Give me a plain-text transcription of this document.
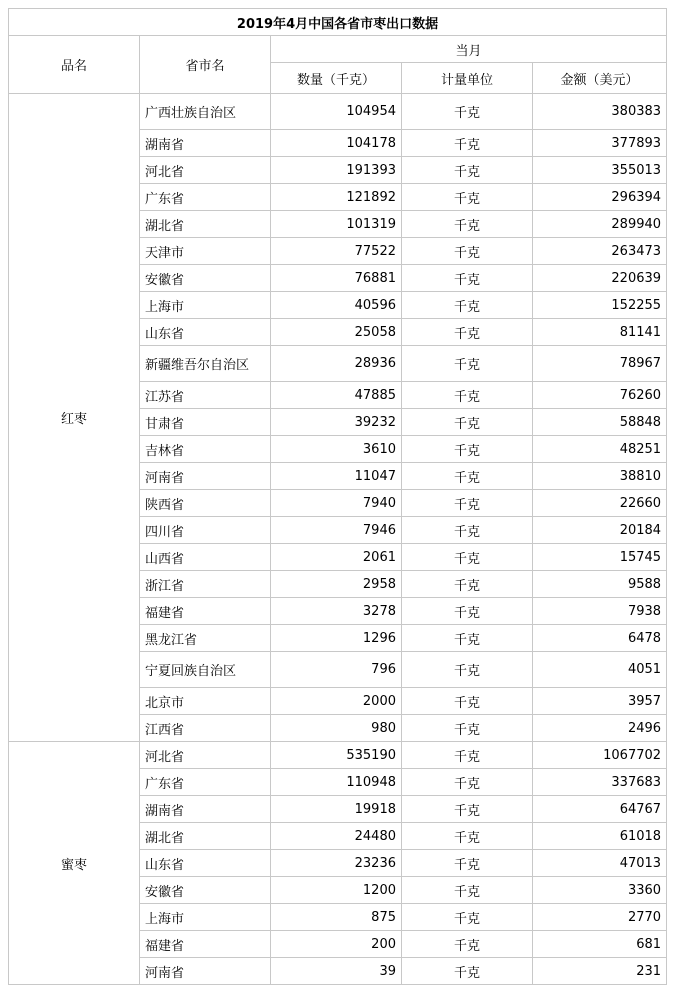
2019年4月中国各省市枣出口数据				
品名	省市名	当月		
		数量（千克）	计量单位	金额（美元）
红枣	广西壮族自治区	104954	千克	380383
	湖南省	104178	千克	377893
	河北省	191393	千克	355013
	广东省	121892	千克	296394
	湖北省	101319	千克	289940
	天津市	77522	千克	263473
	安徽省	76881	千克	220639
	上海市	40596	千克	152255
	山东省	25058	千克	81141
	新疆维吾尔自治区	28936	千克	78967
	江苏省	47885	千克	76260
	甘肃省	39232	千克	58848
	吉林省	3610	千克	48251
	河南省	11047	千克	38810
	陕西省	7940	千克	22660
	四川省	7946	千克	20184
	山西省	2061	千克	15745
	浙江省	2958	千克	9588
	福建省	3278	千克	7938
	黑龙江省	1296	千克	6478
	宁夏回族自治区	796	千克	4051
	北京市	2000	千克	3957
	江西省	980	千克	2496
蜜枣	河北省	535190	千克	1067702
	广东省	110948	千克	337683
	湖南省	19918	千克	64767
	湖北省	24480	千克	61018
	山东省	23236	千克	47013
	安徽省	1200	千克	3360
	上海市	875	千克	2770
	福建省	200	千克	681
	河南省	39	千克	231
